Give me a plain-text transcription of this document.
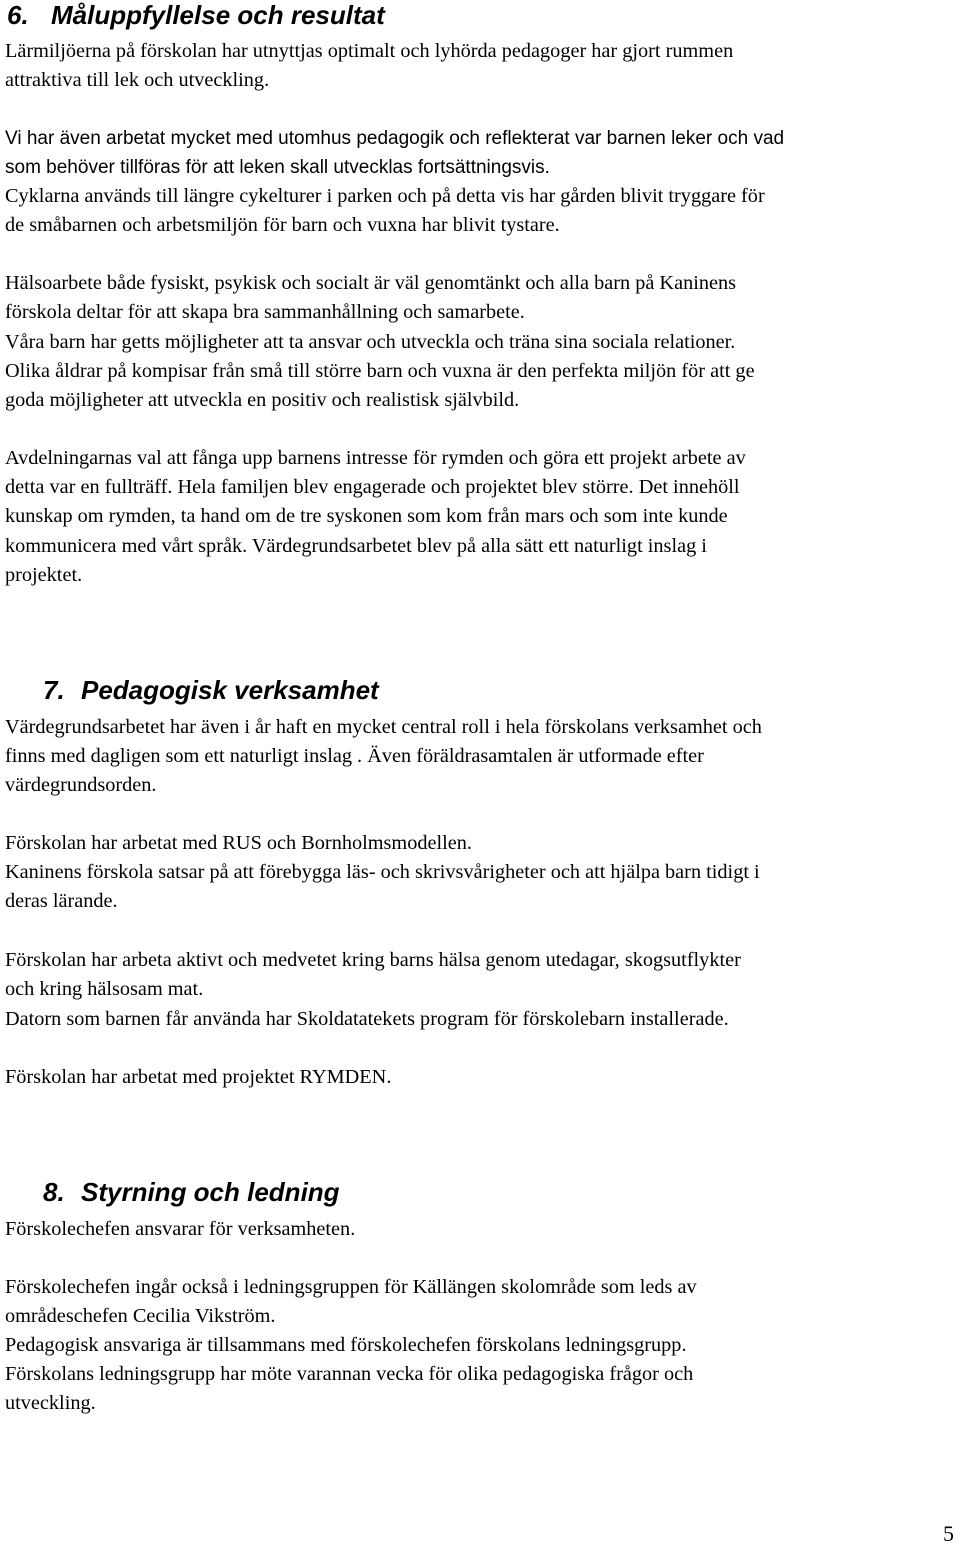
6. Måluppfyllelse och resultat

Lärmiljöerna på förskolan har utnyttjas optimalt och lyhörda pedagoger har gjort rummen
attraktiva till lek och utveckling.

Vi har även arbetat mycket med utomhus pedagogik och reflekterat var barnen leker och vad
som behöver tillföras för att leken skall utvecklas fortsättningsvis.

Cyklarna används till längre cykelturer i parken och på detta vis har gården blivit tryggare för
de småbarnen och arbetsmiljön för barn och vuxna har blivit tystare.

Hälsoarbete både fysiskt, psykisk och socialt är väl genomtänkt och alla barn på Kaninens
förskola deltar för att skapa bra sammanhållning och samarbete.

Våra barn har getts möjligheter att ta ansvar och utveckla och träna sina sociala relationer.

Olika åldrar på kompisar från små till större barn och vuxna är den perfekta miljön för att ge
goda möjligheter att utveckla en positiv och realistisk självbild.

Avdelningarnas val att fånga upp barnens intresse för rymden och göra ett projekt arbete av
detta var en fullträff. Hela familjen blev engagerade och projektet blev större. Det innehöll
kunskap om rymden, ta hand om de tre syskonen som kom från mars och som inte kunde
kommunicera med vårt språk. Värdegrundsarbetet blev på alla sätt ett naturligt inslag i
projektet.

7. Pedagogisk verksamhet

Värdegrundsarbetet har även i år haft en mycket central roll i hela förskolans verksamhet och
finns med dagligen som ett naturligt inslag . Även föräldrasamtalen är utformade efter
värdegrundsorden.

Förskolan har arbetat med RUS och Bornholmsmodellen.

Kaninens förskola satsar på att förebygga läs- och skrivsvårigheter och att hjälpa barn tidigt i
deras lärande.

Förskolan har arbeta aktivt och medvetet kring barns hälsa genom utedagar, skogsutflykter
och kring hälsosam mat.

Datorn som barnen får använda har Skoldatatekets program för förskolebarn installerade.

Förskolan har arbetat med projektet RYMDEN.

8. Styrning och ledning

Förskolechefen ansvarar för verksamheten.

Förskolechefen ingår också i ledningsgruppen för Källängen skolområde som leds av
områdeschefen Cecilia Vikström.

Pedagogisk ansvariga är tillsammans med förskolechefen förskolans ledningsgrupp.

Förskolans ledningsgrupp har möte varannan vecka för olika pedagogiska frågor och
utveckling.

5
